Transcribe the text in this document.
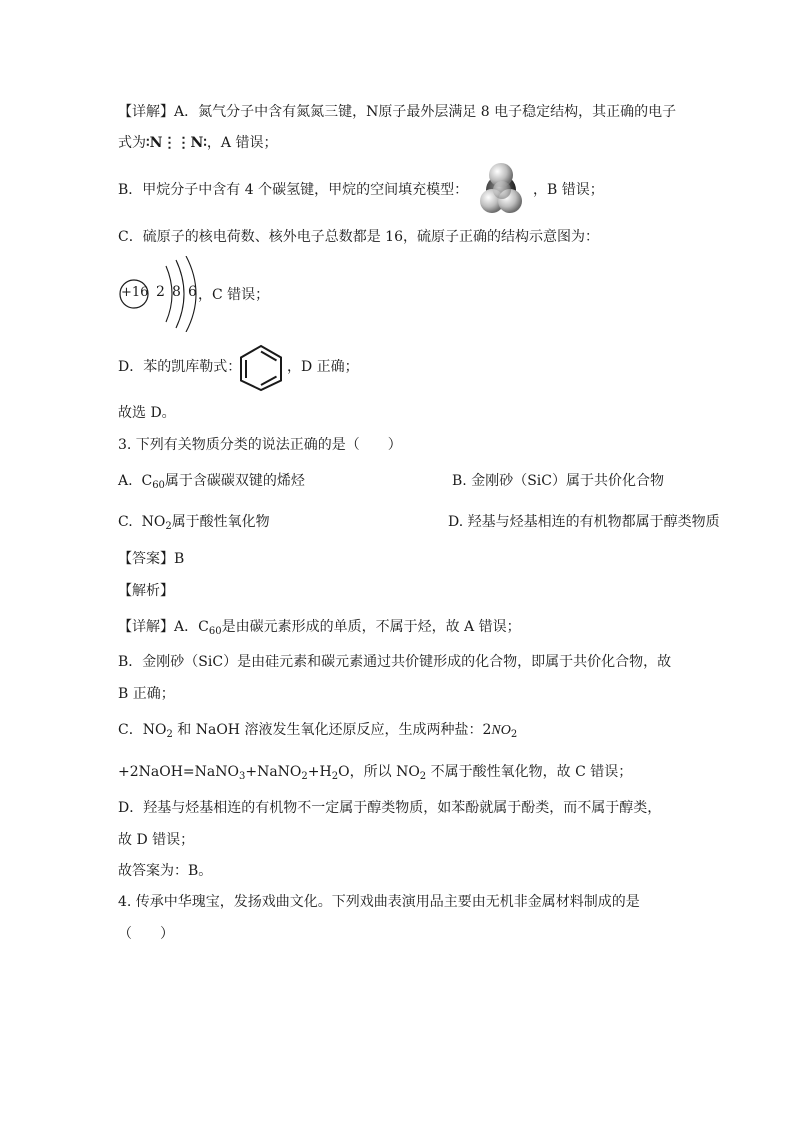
【详解】A．氮气分子中含有氮氮三键，N原子最外层满足 8 电子稳定结构，其正确的电子
式为∶N⋮⋮N∶，A 错误；
B．甲烷分子中含有 4 个碳氢键，甲烷的空间填充模型：	，B 错误；
C．硫原子的核电荷数、核外电子总数都是 16，硫原子正确的结构示意图为：
+16 2 8 6 ，C 错误；
D．苯的凯库勒式：	，D 正确；
故选 D。
3. 下列有关物质分类的说法正确的是（　　）
A. $C_{60}$属于含碳碳双键的烯烃	B. 金刚砂（SiC）属于共价化合物
C. $NO_2$属于酸性氧化物	D. 羟基与烃基相连的有机物都属于醇类物质
【答案】B
【解析】
【详解】A．$C_{60}$是由碳元素形成的单质，不属于烃，故 A 错误；
B．金刚砂（SiC）是由硅元素和碳元素通过共价键形成的化合物，即属于共价化合物，故
B 正确；
C．$NO_2$ 和 NaOH 溶液发生氧化还原反应，生成两种盐：$2NO_2$
$+2NaOH=NaNO_3+NaNO_2+H_2O$，所以 $NO_2$ 不属于酸性氧化物，故 C 错误；
D．羟基与烃基相连的有机物不一定属于醇类物质，如苯酚就属于酚类，而不属于醇类，
故 D 错误；
故答案为：B。
4. 传承中华瑰宝，发扬戏曲文化。下列戏曲表演用品主要由无机非金属材料制成的是
（　　）
